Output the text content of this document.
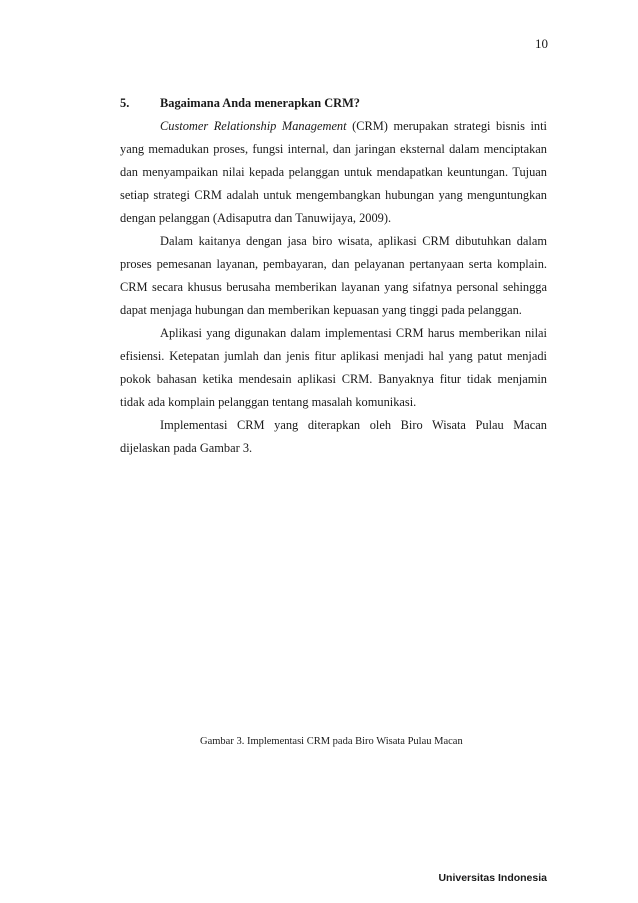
10
5.	Bagaimana Anda menerapkan CRM?

Customer Relationship Management (CRM) merupakan strategi bisnis inti yang memadukan proses, fungsi internal, dan jaringan eksternal dalam menciptakan dan menyampaikan nilai kepada pelanggan untuk mendapatkan keuntungan. Tujuan setiap strategi CRM adalah untuk mengembangkan hubungan yang menguntungkan dengan pelanggan (Adisaputra dan Tanuwijaya, 2009).

Dalam kaitanya dengan jasa biro wisata, aplikasi CRM dibutuhkan dalam proses pemesanan layanan, pembayaran, dan pelayanan pertanyaan serta komplain. CRM secara khusus berusaha memberikan layanan yang sifatnya personal sehingga dapat menjaga hubungan dan memberikan kepuasan yang tinggi pada pelanggan.

Aplikasi yang digunakan dalam implementasi CRM harus memberikan nilai efisiensi. Ketepatan jumlah dan jenis fitur aplikasi menjadi hal yang patut menjadi pokok bahasan ketika mendesain aplikasi CRM. Banyaknya fitur tidak menjamin tidak ada komplain pelanggan tentang masalah komunikasi.

Implementasi CRM yang diterapkan oleh Biro Wisata Pulau Macan dijelaskan pada Gambar 3.

Gambar 3. Implementasi CRM pada Biro Wisata Pulau Macan
Universitas Indonesia
